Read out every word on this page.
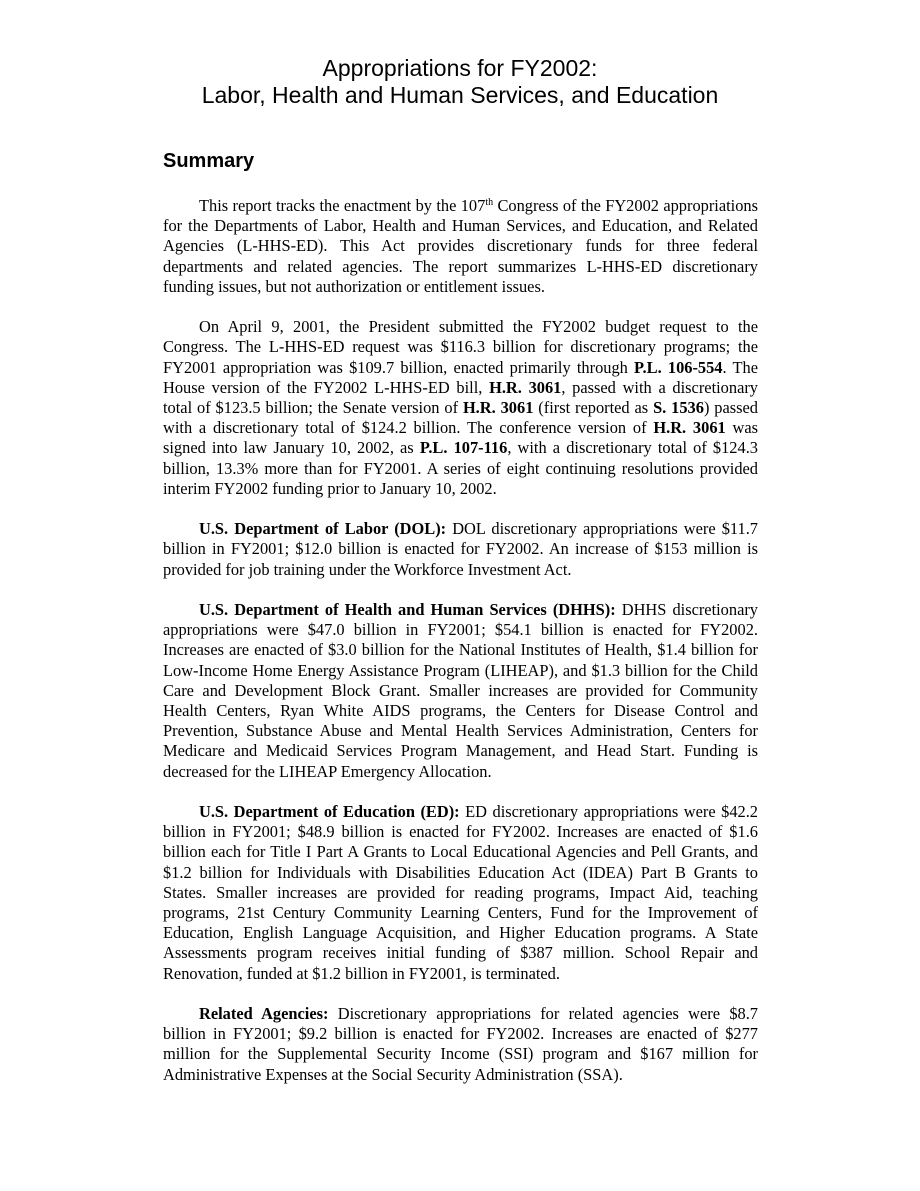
Appropriations for FY2002:
Labor, Health and Human Services, and Education
Summary

This report tracks the enactment by the 107th Congress of the FY2002 appropriations for the Departments of Labor, Health and Human Services, and Education, and Related Agencies (L-HHS-ED). This Act provides discretionary funds for three federal departments and related agencies. The report summarizes L-HHS-ED discretionary funding issues, but not authorization or entitlement issues.

On April 9, 2001, the President submitted the FY2002 budget request to the Congress. The L-HHS-ED request was $116.3 billion for discretionary programs; the FY2001 appropriation was $109.7 billion, enacted primarily through P.L. 106-554. The House version of the FY2002 L-HHS-ED bill, H.R. 3061, passed with a discretionary total of $123.5 billion; the Senate version of H.R. 3061 (first reported as S. 1536) passed with a discretionary total of $124.2 billion. The conference version of H.R. 3061 was signed into law January 10, 2002, as P.L. 107-116, with a discretionary total of $124.3 billion, 13.3% more than for FY2001. A series of eight continuing resolutions provided interim FY2002 funding prior to January 10, 2002.

U.S. Department of Labor (DOL): DOL discretionary appropriations were $11.7 billion in FY2001; $12.0 billion is enacted for FY2002. An increase of $153 million is provided for job training under the Workforce Investment Act.

U.S. Department of Health and Human Services (DHHS): DHHS discretionary appropriations were $47.0 billion in FY2001; $54.1 billion is enacted for FY2002. Increases are enacted of $3.0 billion for the National Institutes of Health, $1.4 billion for Low-Income Home Energy Assistance Program (LIHEAP), and $1.3 billion for the Child Care and Development Block Grant. Smaller increases are provided for Community Health Centers, Ryan White AIDS programs, the Centers for Disease Control and Prevention, Substance Abuse and Mental Health Services Administration, Centers for Medicare and Medicaid Services Program Management, and Head Start. Funding is decreased for the LIHEAP Emergency Allocation.

U.S. Department of Education (ED): ED discretionary appropriations were $42.2 billion in FY2001; $48.9 billion is enacted for FY2002. Increases are enacted of $1.6 billion each for Title I Part A Grants to Local Educational Agencies and Pell Grants, and $1.2 billion for Individuals with Disabilities Education Act (IDEA) Part B Grants to States. Smaller increases are provided for reading programs, Impact Aid, teaching programs, 21st Century Community Learning Centers, Fund for the Improvement of Education, English Language Acquisition, and Higher Education programs. A State Assessments program receives initial funding of $387 million. School Repair and Renovation, funded at $1.2 billion in FY2001, is terminated.

Related Agencies: Discretionary appropriations for related agencies were $8.7 billion in FY2001; $9.2 billion is enacted for FY2002. Increases are enacted of $277 million for the Supplemental Security Income (SSI) program and $167 million for Administrative Expenses at the Social Security Administration (SSA).
